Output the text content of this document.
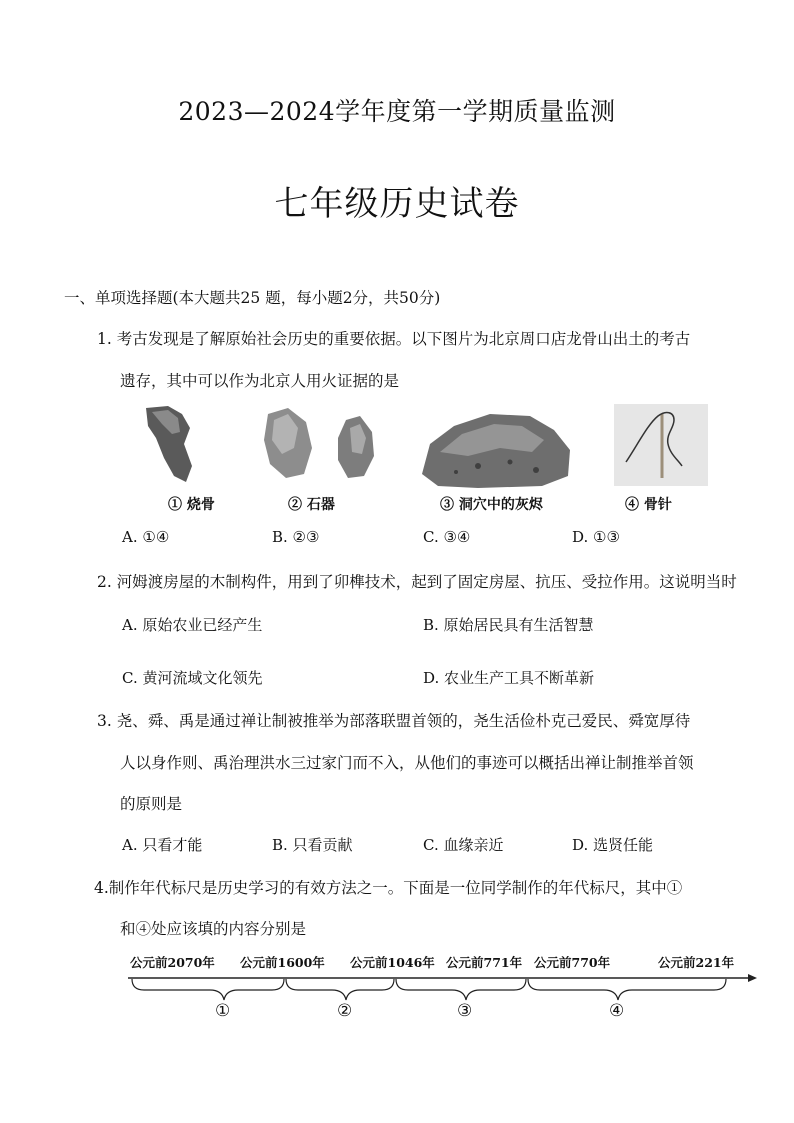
2023—2024学年度第一学期质量监测
七年级历史试卷
一、单项选择题(本大题共25 题，每小题2分，共50分)
1. 考古发现是了解原始社会历史的重要依据。以下图片为北京周口店龙骨山出土的考古
遗存，其中可以作为北京人用火证据的是
① 烧骨	② 石器	③ 洞穴中的灰烬	④ 骨针
A. ①④	B. ②③	C. ③④	D. ①③
2. 河姆渡房屋的木制构件，用到了卯榫技术，起到了固定房屋、抗压、受拉作用。这说明当时
A. 原始农业已经产生	B. 原始居民具有生活智慧
C. 黄河流域文化领先	D. 农业生产工具不断革新
3. 尧、舜、禹是通过禅让制被推举为部落联盟首领的，尧生活俭朴克己爱民、舜宽厚待
人以身作则、禹治理洪水三过家门而不入，从他们的事迹可以概括出禅让制推举首领
的原则是
A. 只看才能	B. 只看贡献	C. 血缘亲近	D. 选贤任能
4.制作年代标尺是历史学习的有效方法之一。下面是一位同学制作的年代标尺，其中①
和④处应该填的内容分别是
公元前2070年 公元前1600年 公元前1046年 公元前771年 公元前770年	公元前221年
①	②	③	④
